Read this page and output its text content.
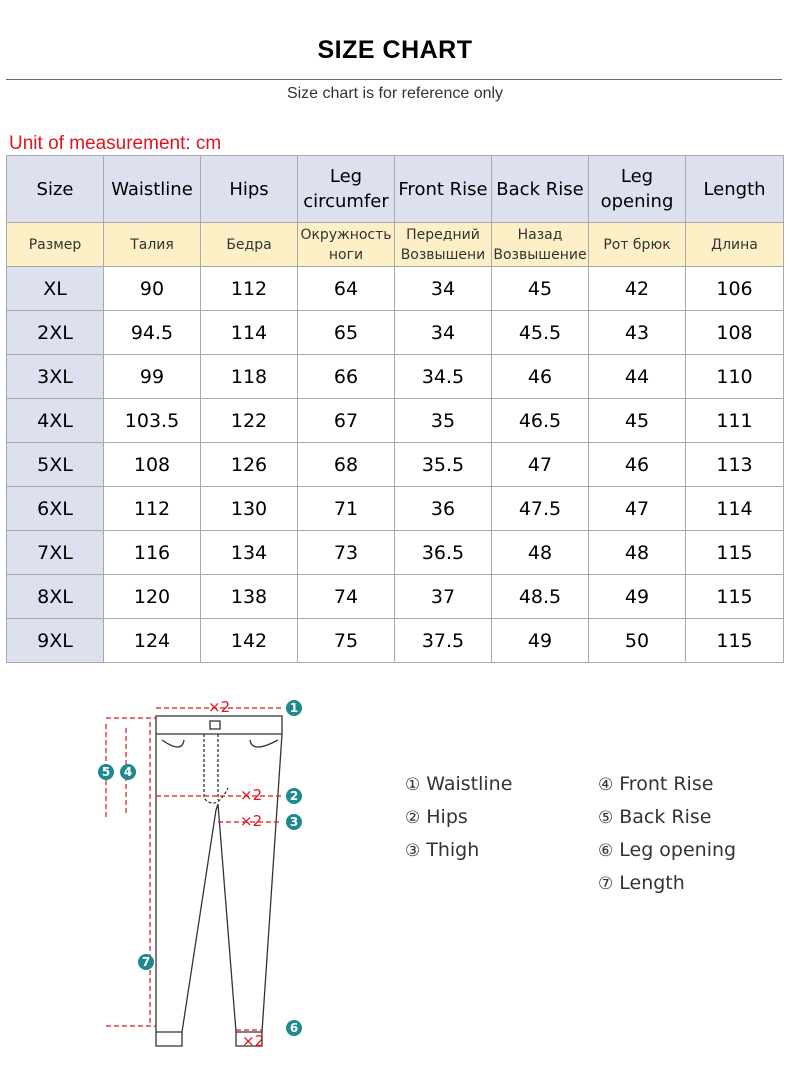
SIZE CHART
Size chart is for reference only
Unit of measurement: cm
Size	Waistline	Hips	Leg circumfer	Front Rise	Back Rise	Leg opening	Length
Размер	Талия	Бедра	Окружность ноги	Передний Возвышени	Назад Возвышение	Рот брюк	Длина
XL	90	112	64	34	45	42	106
2XL	94.5	114	65	34	45.5	43	108
3XL	99	118	66	34.5	46	44	110
4XL	103.5	122	67	35	46.5	45	111
5XL	108	126	68	35.5	47	46	113
6XL	112	130	71	36	47.5	47	114
7XL	116	134	73	36.5	48	48	115
8XL	120	138	74	37	48.5	49	115
9XL	124	142	75	37.5	49	50	115
×2
×2
×2
×2
1
2
3
4
5
6
7
① Waistline
② Hips
③ Thigh
④ Front Rise
⑤ Back Rise
⑥ Leg opening
⑦ Length
